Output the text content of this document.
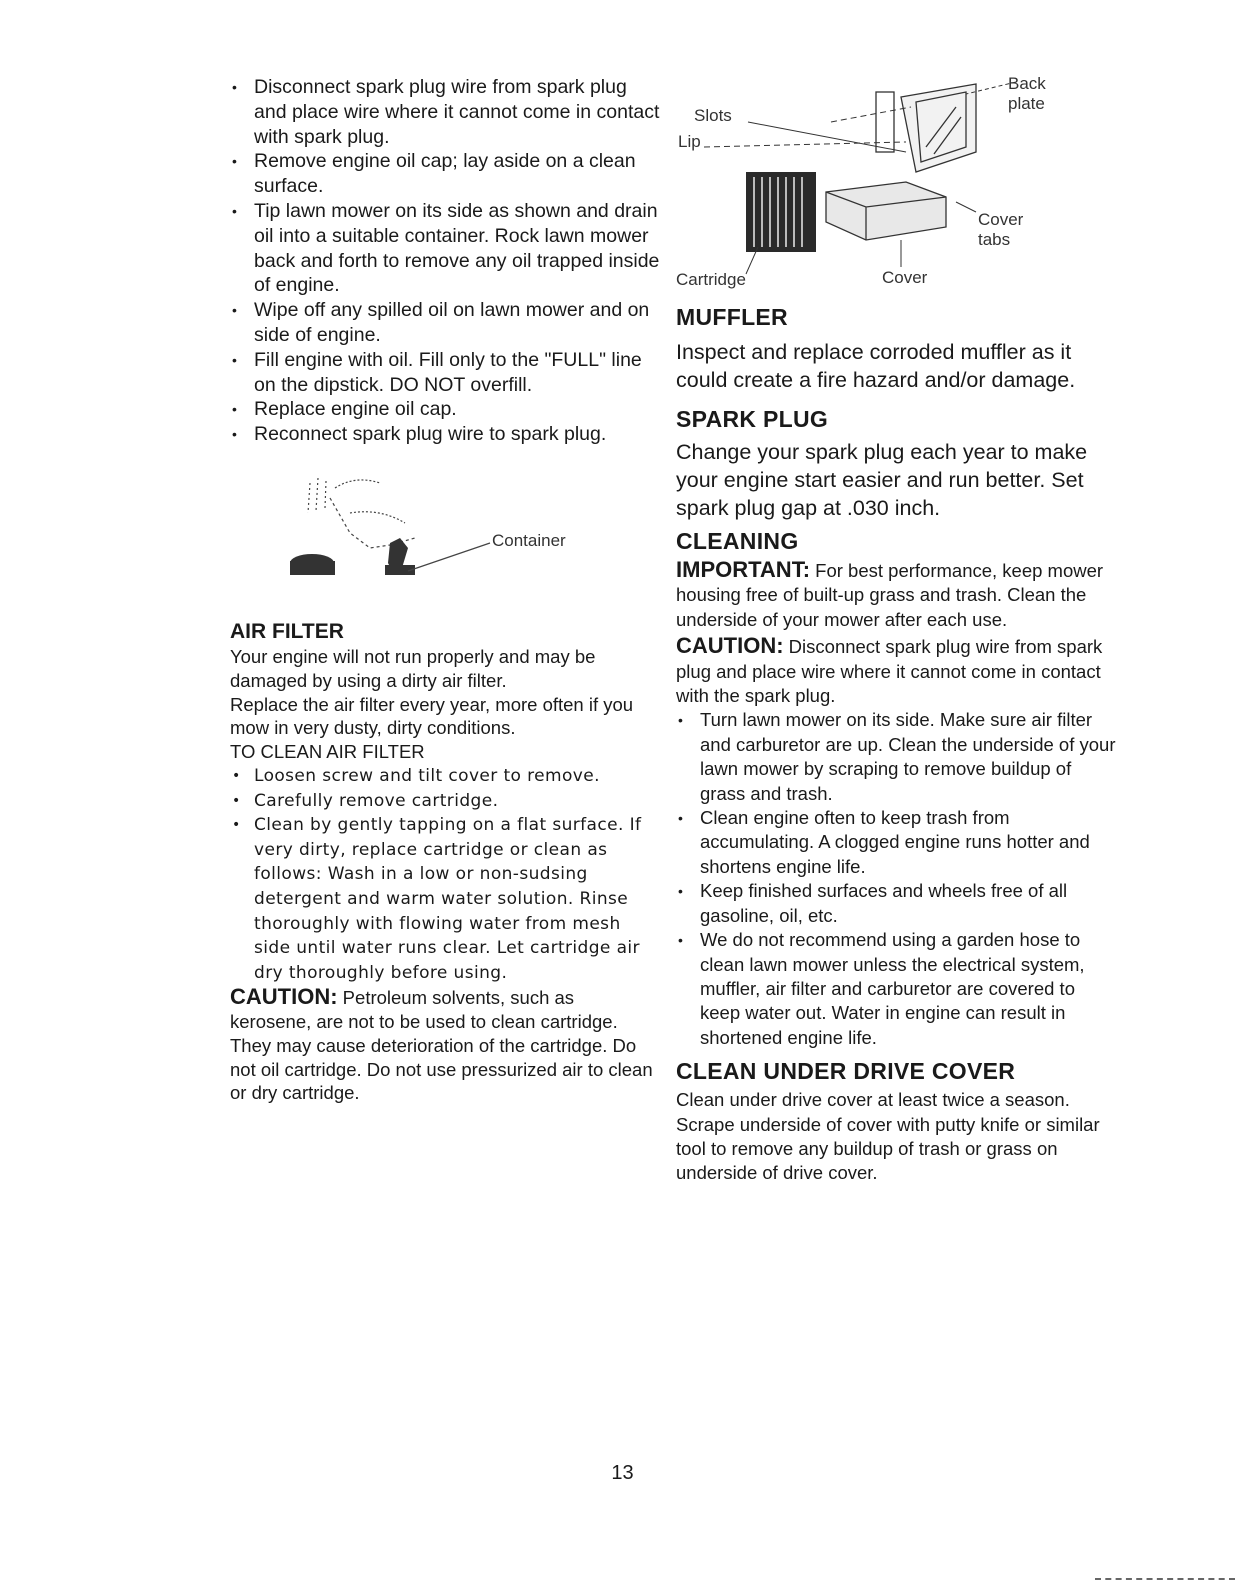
• Disconnect spark plug wire from spark plug and place wire where it cannot come in contact with spark plug.
• Remove engine oil cap; lay aside on a clean surface.
• Tip lawn mower on its side as shown and drain oil into a suitable container. Rock lawn mower back and forth to remove any oil trapped inside of engine.
• Wipe off any spilled oil on lawn mower and on side of engine.
• Fill engine with oil. Fill only to the "FULL" line on the dipstick. DO NOT overfill.
• Replace engine oil cap.
• Reconnect spark plug wire to spark plug.
Container
AIR FILTER

Your engine will not run properly and may be damaged by using a dirty air filter.

Replace the air filter every year, more often if you mow in very dusty, dirty conditions.

TO CLEAN AIR FILTER

• Loosen screw and tilt cover to remove.
• Carefully remove cartridge.
• Clean by gently tapping on a flat surface. If very dirty, replace cartridge or clean as follows: Wash in a low or non-sudsing detergent and warm water solution. Rinse thoroughly with flowing water from mesh side until water runs clear. Let cartridge air dry thoroughly before using.

CAUTION: Petroleum solvents, such as kerosene, are not to be used to clean cartridge. They may cause deterioration of the cartridge. Do not oil cartridge. Do not use pressurized air to clean or dry cartridge.

Back
plate
Slots
Lip
Cover
tabs
Cartridge	Cover
MUFFLER

Inspect and replace corroded muffler as it could create a fire hazard and/or damage.

SPARK PLUG

Change your spark plug each year to make your engine start easier and run better. Set spark plug gap at .030 inch.

CLEANING

IMPORTANT: For best performance, keep mower housing free of built-up grass and trash. Clean the underside of your mower after each use.

CAUTION: Disconnect spark plug wire from spark plug and place wire where it cannot come in contact with the spark plug.

• Turn lawn mower on its side. Make sure air filter and carburetor are up. Clean the underside of your lawn mower by scraping to remove buildup of grass and trash.
• Clean engine often to keep trash from accumulating. A clogged engine runs hotter and shortens engine life.
• Keep finished surfaces and wheels free of all gasoline, oil, etc.
• We do not recommend using a garden hose to clean lawn mower unless the electrical system, muffler, air filter and carburetor are covered to keep water out. Water in engine can result in shortened engine life.
CLEAN UNDER DRIVE COVER

Clean under drive cover at least twice a season. Scrape underside of cover with putty knife or similar tool to remove any buildup of trash or grass on underside of drive cover.

13
